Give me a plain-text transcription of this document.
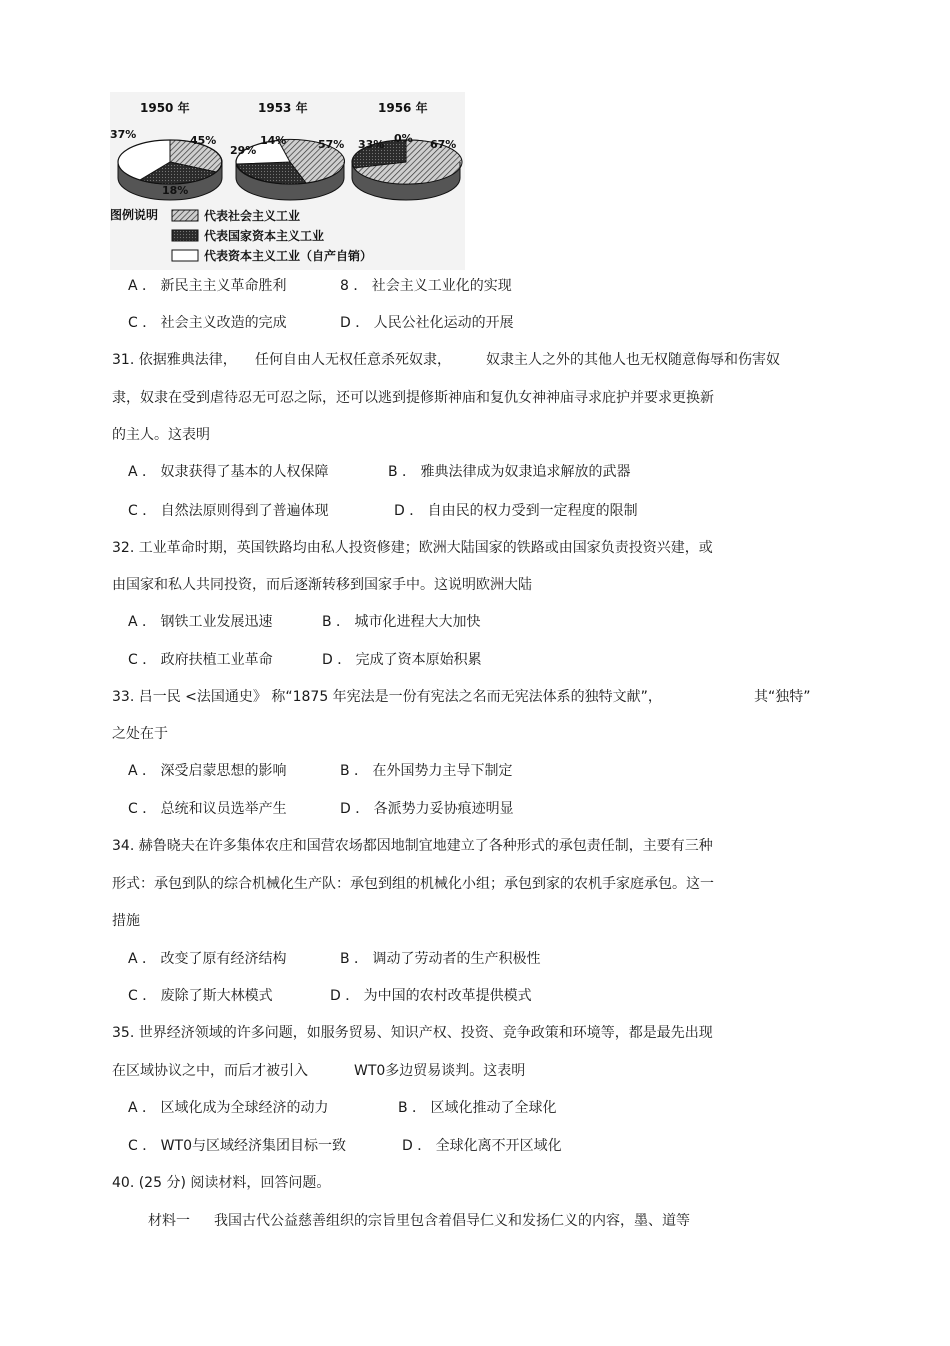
1950 年	1953 年	1956 年
37%	45%
18%
29%
14%	57% 33% 0% 67%
图例说明	代表社会主义工业
代表国家资本主义工业
代表资本主义工业（自产自销）
A ． 新民主主义革命胜利	8 ． 社会主义工业化的实现
C ． 社会主义改造的完成	D ． 人民公社化运动的开展
31. 依据雅典法律， 任何自由人无权任意杀死奴隶，	奴隶主人之外的其他人也无权随意侮辱和伤害奴
隶，奴隶在受到虐待忍无可忍之际，还可以逃到提修斯神庙和复仇女神神庙寻求庇护并要求更换新
的主人。这表明
A ． 奴隶获得了基本的人权保障	B ． 雅典法律成为奴隶追求解放的武器
C ． 自然法原则得到了普遍体现	D ． 自由民的权力受到一定程度的限制
32. 工业革命时期，英国铁路均由私人投资修建；欧洲大陆国家的铁路或由国家负责投资兴建，或
由国家和私人共同投资，而后逐渐转移到国家手中。这说明欧洲大陆
A ． 钢铁工业发展迅速	B ． 城市化进程大大加快
C ． 政府扶植工业革命	D ． 完成了资本原始积累
33. 吕一民 <法国通史》 称“1875 年宪法是一份有宪法之名而无宪法体系的独特文献”，	其“独特”
之处在于
A ． 深受启蒙思想的影响	B ． 在外国势力主导下制定
C ． 总统和议员选举产生	D ． 各派势力妥协痕迹明显
34. 赫鲁晓夫在许多集体农庄和国营农场都因地制宜地建立了各种形式的承包责任制，主要有三种
形式：承包到队的综合机械化生产队：承包到组的机械化小组；承包到家的农机手家庭承包。这一
措施
A ． 改变了原有经济结构	B ． 调动了劳动者的生产积极性
C ． 废除了斯大林模式	D ． 为中国的农村改革提供模式
35. 世界经济领域的许多问题，如服务贸易、知识产权、投资、竞争政策和环境等，都是最先出现
在区域协议之中，而后才被引入	WT0多边贸易谈判。这表明
A ． 区域化成为全球经济的动力	B ． 区域化推动了全球化
C ． WT0与区域经济集团目标一致	D ． 全球化离不开区域化
40. (25 分) 阅读材料，回答问题。
材料一 我国古代公益慈善组织的宗旨里包含着倡导仁义和发扬仁义的内容，墨、道等
